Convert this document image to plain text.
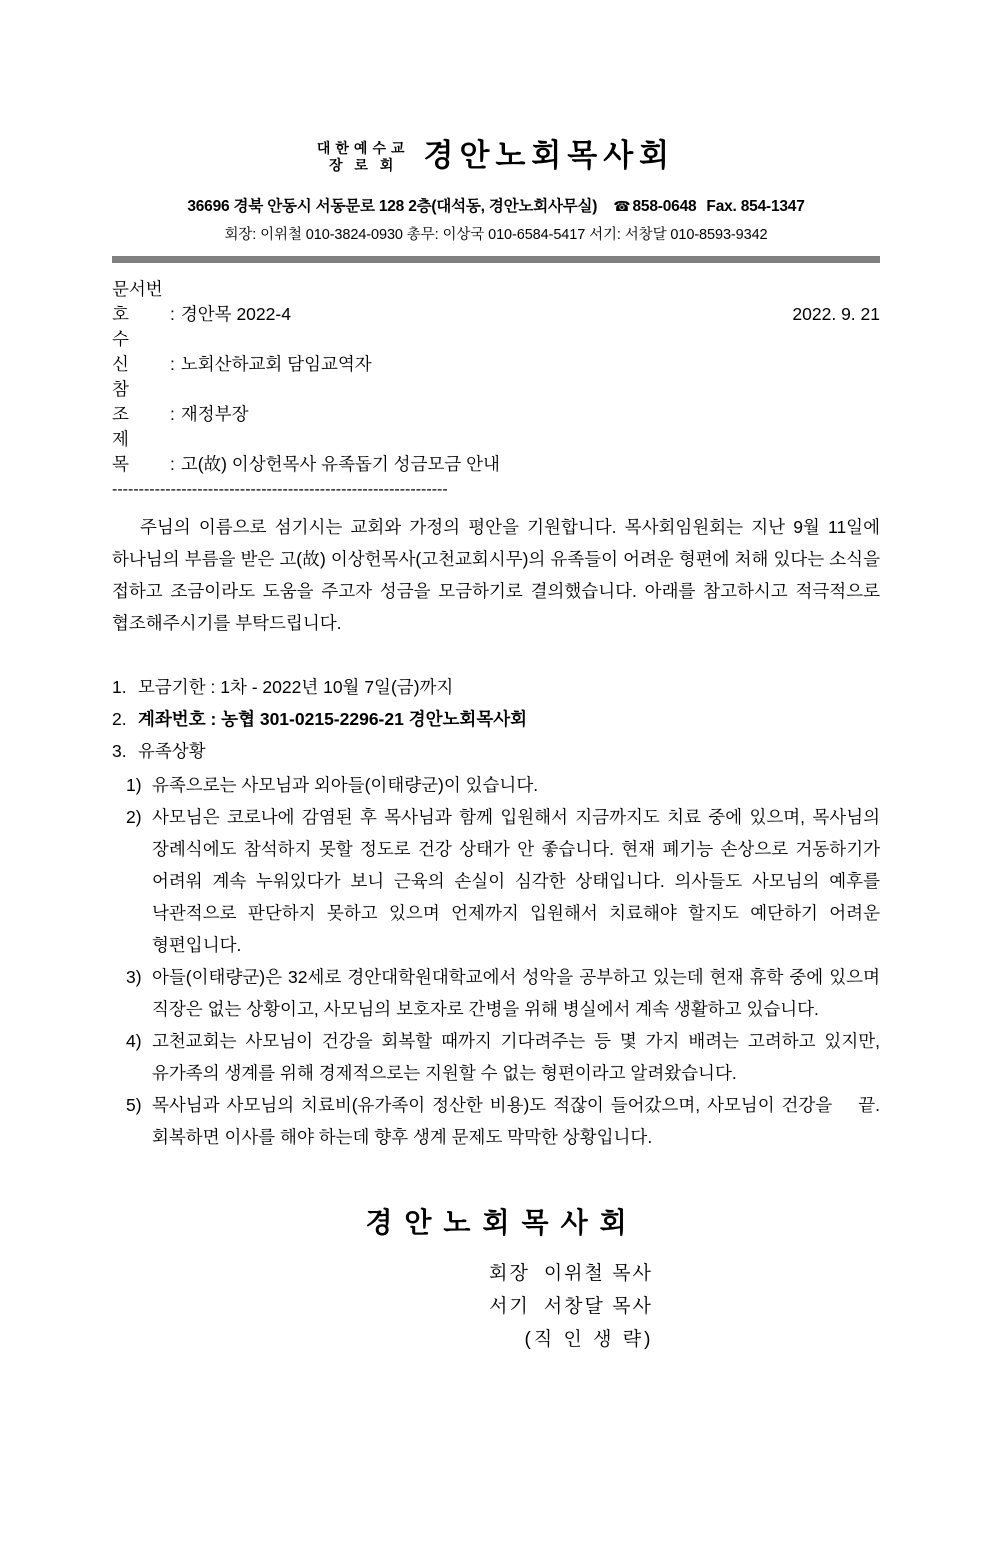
대한예수교
장 로 회 경안노회목사회
36696 경북 안동시 서동문로 128 2층(대석동, 경안노회사무실) ☎ 858-0648 Fax. 854-1347
회장: 이위철 010-3824-0930 총무: 이상국 010-6584-5417 서기: 서창달 010-8593-9342
문서번호 : 경안목 2022-4	2022. 9. 21
수 신 : 노회산하교회 담임교역자
참 조 : 재정부장
제 목 : 고(故) 이상헌목사 유족돕기 성금모금 안내
---------------------------------------------------------------
주님의 이름으로 섬기시는 교회와 가정의 평안을 기원합니다. 목사회임원회는 지난 9월 11일에 하나님의 부름을 받은 고(故) 이상헌목사(고천교회시무)의 유족들이 어려운 형편에 처해 있다는 소식을 접하고 조금이라도 도움을 주고자 성금을 모금하기로 결의했습니다. 아래를 참고하시고 적극적으로 협조해주시기를 부탁드립니다.
1. 모금기한 : 1차 - 2022년 10월 7일(금)까지
2. 계좌번호 : 농협 301-0215-2296-21 경안노회목사회
3. 유족상황
1) 유족으로는 사모님과 외아들(이태량군)이 있습니다.
2) 사모님은 코로나에 감염된 후 목사님과 함께 입원해서 지금까지도 치료 중에 있으며, 목사님의 장례식에도 참석하지 못할 정도로 건강 상태가 안 좋습니다. 현재 폐기능 손상으로 거동하기가 어려워 계속 누워있다가 보니 근육의 손실이 심각한 상태입니다. 의사들도 사모님의 예후를 낙관적으로 판단하지 못하고 있으며 언제까지 입원해서 치료해야 할지도 예단하기 어려운 형편입니다.
3) 아들(이태량군)은 32세로 경안대학원대학교에서 성악을 공부하고 있는데 현재 휴학 중에 있으며 직장은 없는 상황이고, 사모님의 보호자로 간병을 위해 병실에서 계속 생활하고 있습니다.
4) 고천교회는 사모님이 건강을 회복할 때까지 기다려주는 등 몇 가지 배려는 고려하고 있지만, 유가족의 생계를 위해 경제적으로는 지원할 수 없는 형편이라고 알려왔습니다.
5)	끝.
목사님과 사모님의 치료비(유가족이 정산한 비용)도 적잖이 들어갔으며, 사모님이 건강을 회복하면 이사를 해야 하는데 향후 생계 문제도 막막한 상황입니다.
경안노회목사회
회장 이위철 목사
서기 서창달 목사
(직 인 생 략)
